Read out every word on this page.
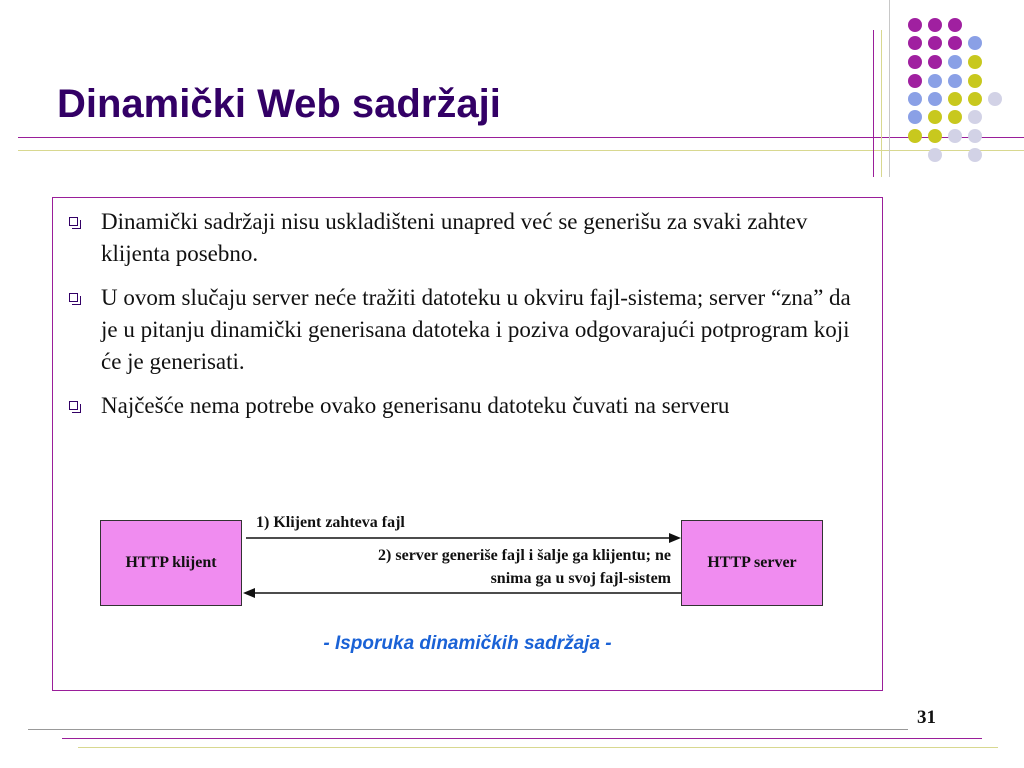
Dinamički Web sadržaji
Dinamički sadržaji nisu uskladišteni unapred već se generišu za svaki zahtev klijenta posebno.
U ovom slučaju server neće tražiti datoteku u okviru fajl-sistema; server “zna” da je u pitanju dinamički generisana datoteka i poziva odgovarajući potprogram koji će je generisati.
Najčešće nema potrebe ovako generisanu datoteku čuvati na serveru
HTTP klijent	HTTP server
1) Klijent zahteva fajl
2) server generiše fajl i šalje ga klijentu; ne
snima ga u svoj fajl-sistem
- Isporuka dinamičkih sadržaja -
31
